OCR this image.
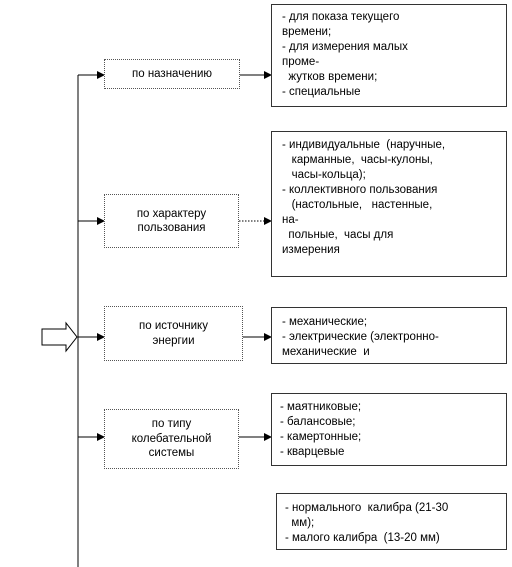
по назначению
по характеру
пользования
по источнику
энергии
по типу
колебательной
системы
- для показа текущего
времени;
- для измерения малых
проме-
жутков времени;
- специальные
- индивидуальные  (наручные,
карманные,  часы-кулоны,
часы-кольца);
- коллективного пользования
(настольные,   настенные,
на-
польные,  часы для
измерения
- механические;
- электрические (электронно-
механические  и
- маятниковые;
- балансовые;
- камертонные;
- кварцевые
- нормального  калибра (21-30
мм);
- малого калибра  (13-20 мм)
